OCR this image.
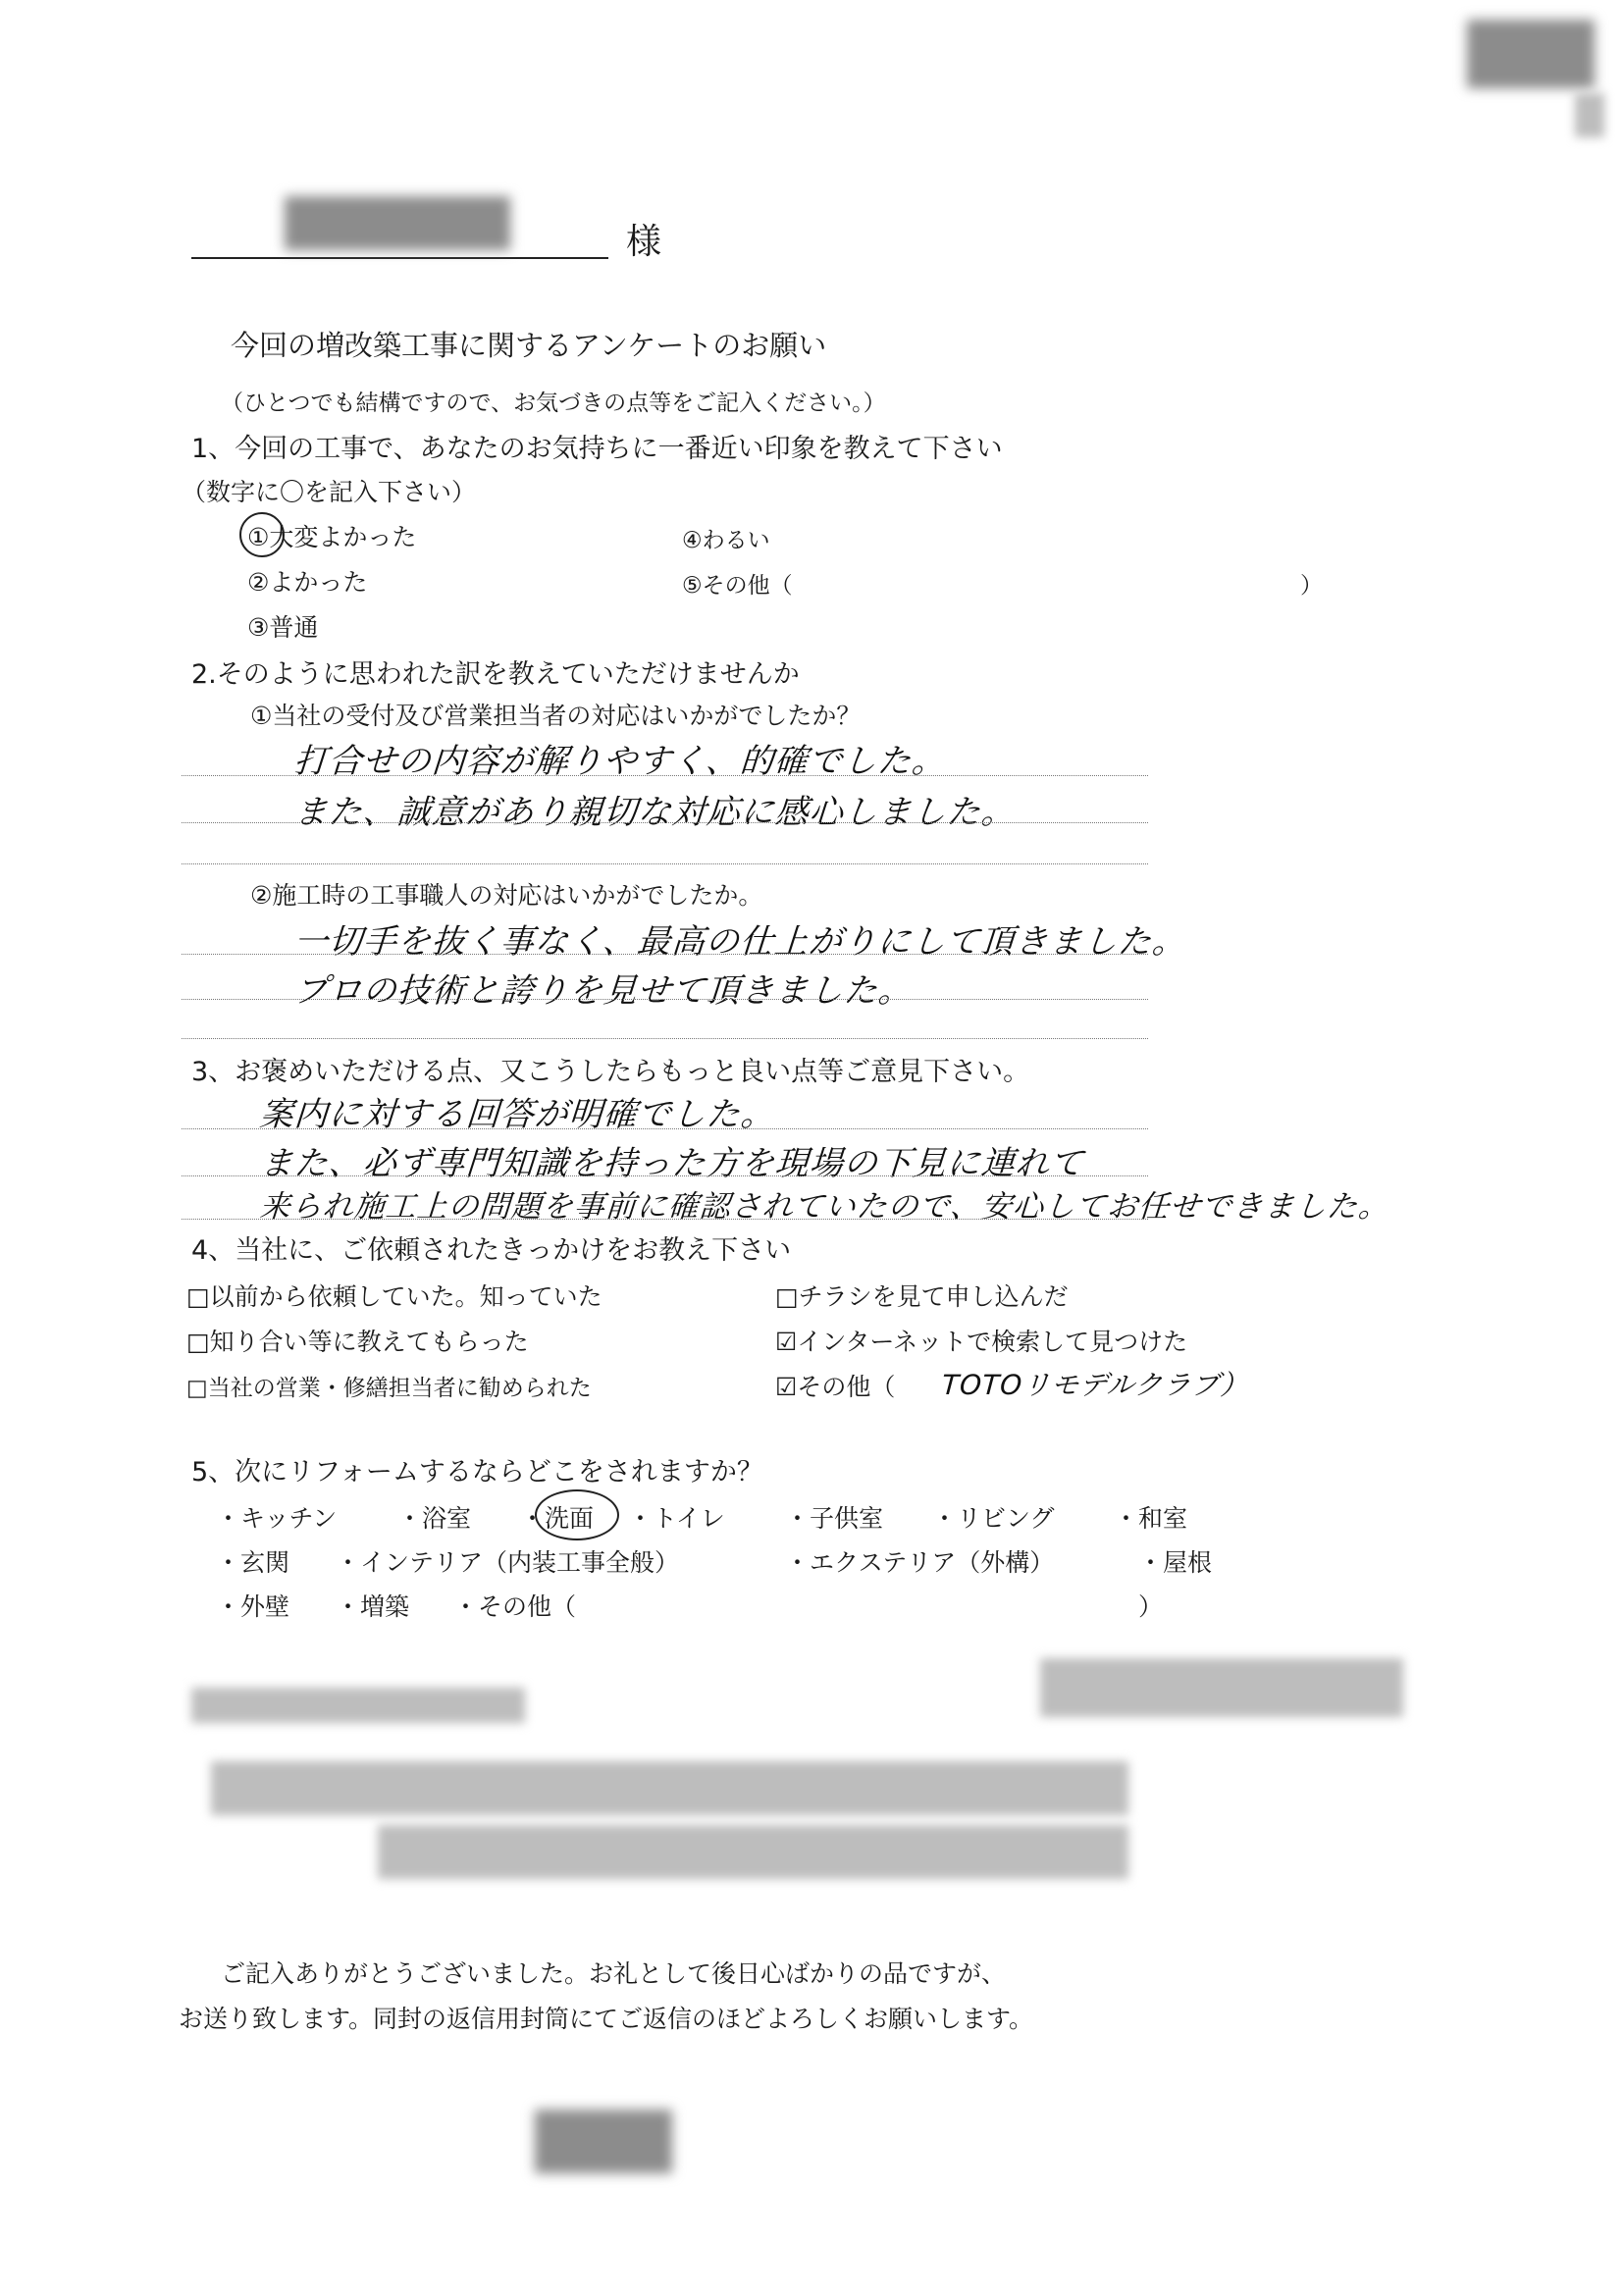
様
今回の増改築工事に関するアンケートのお願い
（ひとつでも結構ですので、お気づきの点等をご記入ください。）
1、今回の工事で、あなたのお気持ちに一番近い印象を教えて下さい
（数字に〇を記入下さい）
①大変よかった
②よかった
③普通
④わるい
⑤その他（	）
2.そのように思われた訳を教えていただけませんか
①当社の受付及び営業担当者の対応はいかがでしたか？
打合せの内容が解りやすく、的確でした。
また、誠意があり親切な対応に感心しました。
②施工時の工事職人の対応はいかがでしたか。
一切手を抜く事なく、最高の仕上がりにして頂きました。
プロの技術と誇りを見せて頂きました。
3、お褒めいただける点、又こうしたらもっと良い点等ご意見下さい。
案内に対する回答が明確でした。
また、必ず専門知識を持った方を現場の下見に連れて
来られ施工上の問題を事前に確認されていたので、安心してお任せできました。
4、当社に、ご依頼されたきっかけをお教え下さい
□以前から依頼していた。知っていた	□チラシを見て申し込んだ
□知り合い等に教えてもらった	☑インターネットで検索して見つけた
□当社の営業・修繕担当者に勧められた	☑その他（ TOTOリモデルクラブ）
5、次にリフォームするならどこをされますか？
・キッチン ・浴室 ・洗面 ・トイレ ・子供室 ・リビング ・和室
・玄関 ・インテリア（内装工事全般）	・エクステリア（外構）	・屋根
・外壁 ・増築 ・その他（	）
ご記入ありがとうございました。お礼として後日心ばかりの品ですが、
お送り致します。同封の返信用封筒にてご返信のほどよろしくお願いします。
